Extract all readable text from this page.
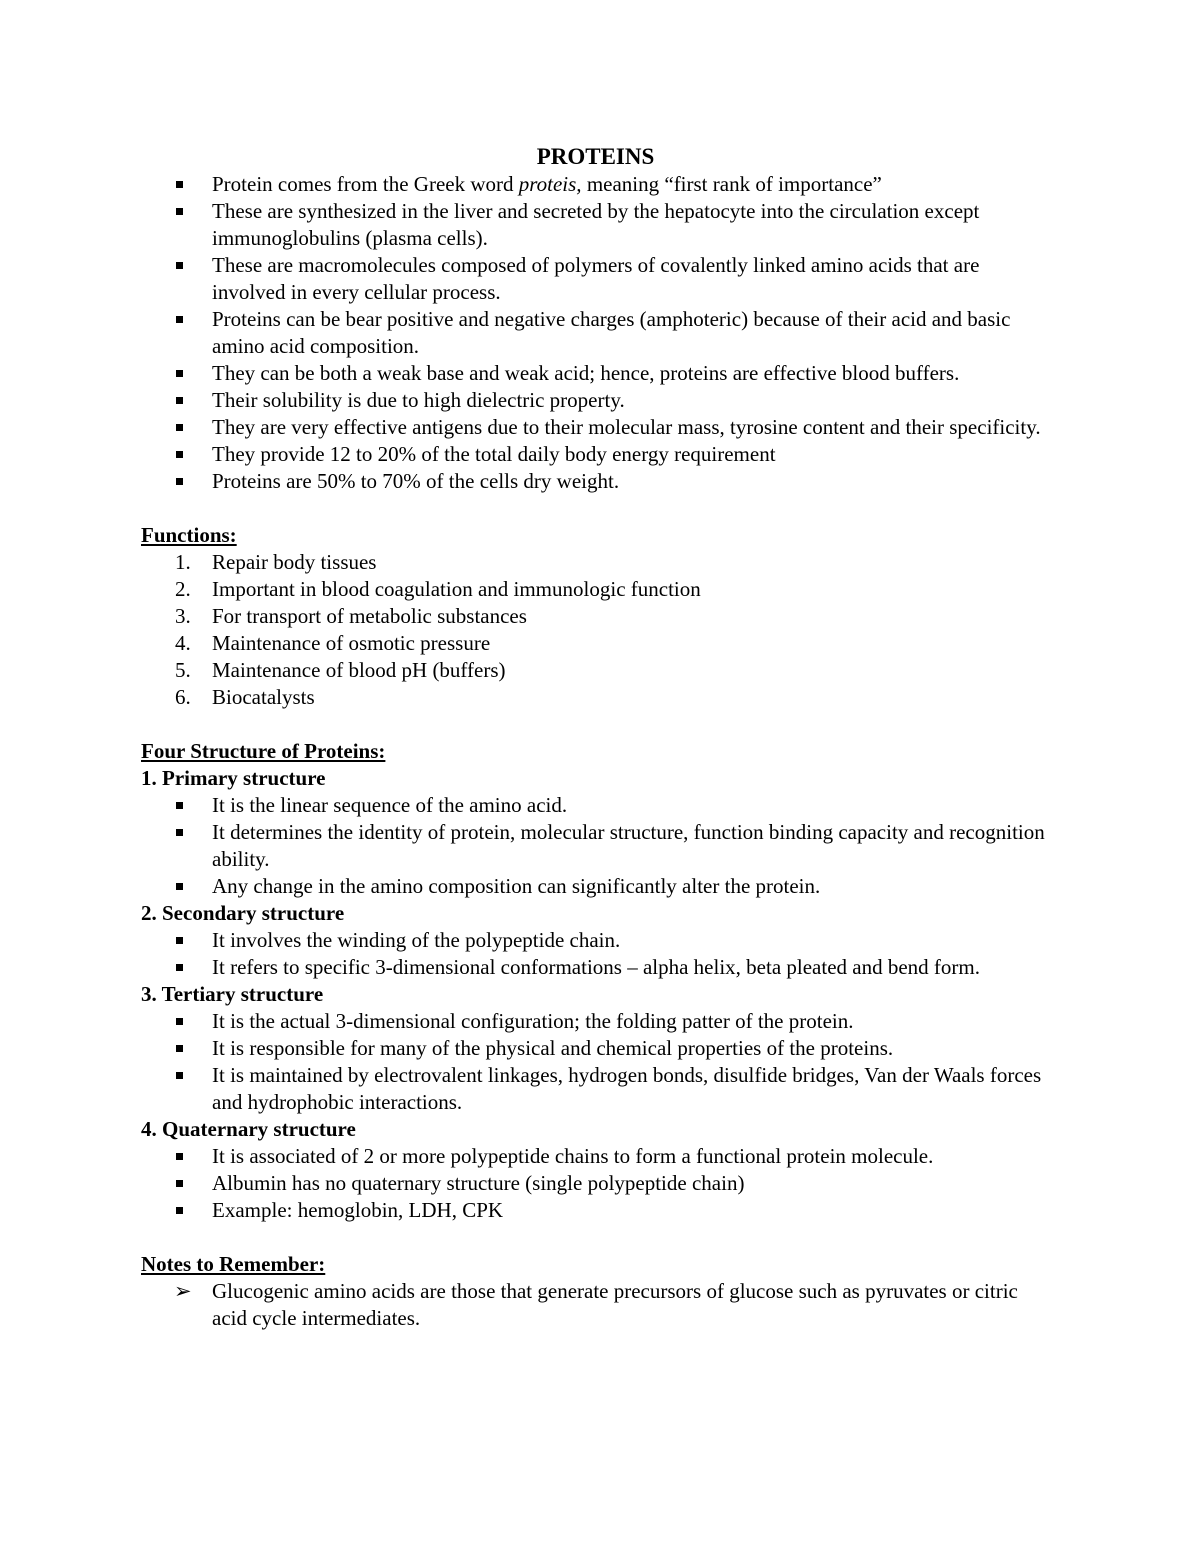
PROTEINS
Protein comes from the Greek word proteis, meaning “first rank of importance”
These are synthesized in the liver and secreted by the hepatocyte into the circulation except immunoglobulins (plasma cells).
These are macromolecules composed of polymers of covalently linked amino acids that are involved in every cellular process.
Proteins can be bear positive and negative charges (amphoteric) because of their acid and basic amino acid composition.
They can be both a weak base and weak acid; hence, proteins are effective blood buffers.
Their solubility is due to high dielectric property.
They are very effective antigens due to their molecular mass, tyrosine content and their specificity.
They provide 12 to 20% of the total daily body energy requirement
Proteins are 50% to 70% of the cells dry weight.
Functions:
1. Repair body tissues
2. Important in blood coagulation and immunologic function
3. For transport of metabolic substances
4. Maintenance of osmotic pressure
5. Maintenance of blood pH (buffers)
6. Biocatalysts
Four Structure of Proteins:
1. Primary structure
It is the linear sequence of the amino acid.
It determines the identity of protein, molecular structure, function binding capacity and recognition ability.
Any change in the amino composition can significantly alter the protein.
2. Secondary structure
It involves the winding of the polypeptide chain.
It refers to specific 3-dimensional conformations – alpha helix, beta pleated and bend form.
3. Tertiary structure
It is the actual 3-dimensional configuration; the folding patter of the protein.
It is responsible for many of the physical and chemical properties of the proteins.
It is maintained by electrovalent linkages, hydrogen bonds, disulfide bridges, Van der Waals forces and hydrophobic interactions.
4. Quaternary structure
It is associated of 2 or more polypeptide chains to form a functional protein molecule.
Albumin has no quaternary structure (single polypeptide chain)
Example: hemoglobin, LDH, CPK
Notes to Remember:
➢ Glucogenic amino acids are those that generate precursors of glucose such as pyruvates or citric acid cycle intermediates.
